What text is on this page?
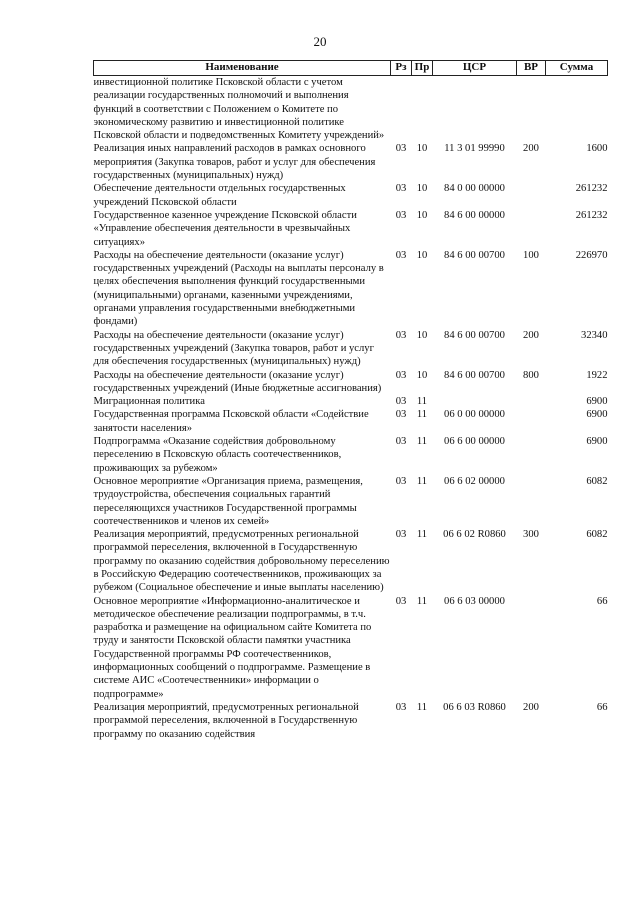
20
Наименование	Рз	Пр	ЦСР	ВР	Сумма
инвестиционной политике Псковской области с учетом реализации государственных полномочий и выполнения функций в соответствии с Положением о Комитете по экономическому развитию и инвестиционной политике Псковской области и подведомственных Комитету учреждений»					
Реализация иных направлений расходов в рамках основного мероприятия (Закупка товаров, работ и услуг для обеспечения государственных (муниципальных) нужд)	03	10	11 3 01 99990	200	1600
Обеспечение деятельности отдельных государственных учреждений Псковской области	03	10	84 0 00 00000		261232
Государственное казенное учреждение Псковской области «Управление обеспечения деятельности в чрезвычайных ситуациях»	03	10	84 6 00 00000		261232
Расходы на обеспечение деятельности (оказание услуг) государственных учреждений (Расходы на выплаты персоналу в целях обеспечения выполнения функций государственными (муниципальными) органами, казенными учреждениями, органами управления государственными внебюджетными фондами)	03	10	84 6 00 00700	100	226970
Расходы на обеспечение деятельности (оказание услуг) государственных учреждений (Закупка товаров, работ и услуг для обеспечения государственных (муниципальных) нужд)	03	10	84 6 00 00700	200	32340
Расходы на обеспечение деятельности (оказание услуг) государственных учреждений (Иные бюджетные ассигнования)	03	10	84 6 00 00700	800	1922
Миграционная политика	03	11			6900
Государственная программа Псковской области «Содействие занятости населения»	03	11	06 0 00 00000		6900
Подпрограмма «Оказание содействия добровольному переселению в Псковскую область соотечественников, проживающих за рубежом»	03	11	06 6 00 00000		6900
Основное мероприятие «Организация приема, размещения, трудоустройства, обеспечения социальных гарантий переселяющихся участников Государственной программы соотечественников и членов их семей»	03	11	06 6 02 00000		6082
Реализация мероприятий, предусмотренных региональной программой переселения, включенной в Государственную программу по оказанию содействия добровольному переселению в Российскую Федерацию соотечественников, проживающих за рубежом (Социальное обеспечение и иные выплаты населению)	03	11	06 6 02 R0860	300	6082
Основное мероприятие «Информационно-аналитическое и методическое обеспечение реализации подпрограммы, в т.ч. разработка и размещение на официальном сайте Комитета по труду и занятости Псковской области памятки участника Государственной программы РФ соотечественников, информационных сообщений о подпрограмме. Размещение в системе АИС «Соотечественники» информации о подпрограмме»	03	11	06 6 03 00000		66
Реализация мероприятий, предусмотренных региональной программой переселения, включенной в Государственную программу по оказанию содействия	03	11	06 6 03 R0860	200	66
